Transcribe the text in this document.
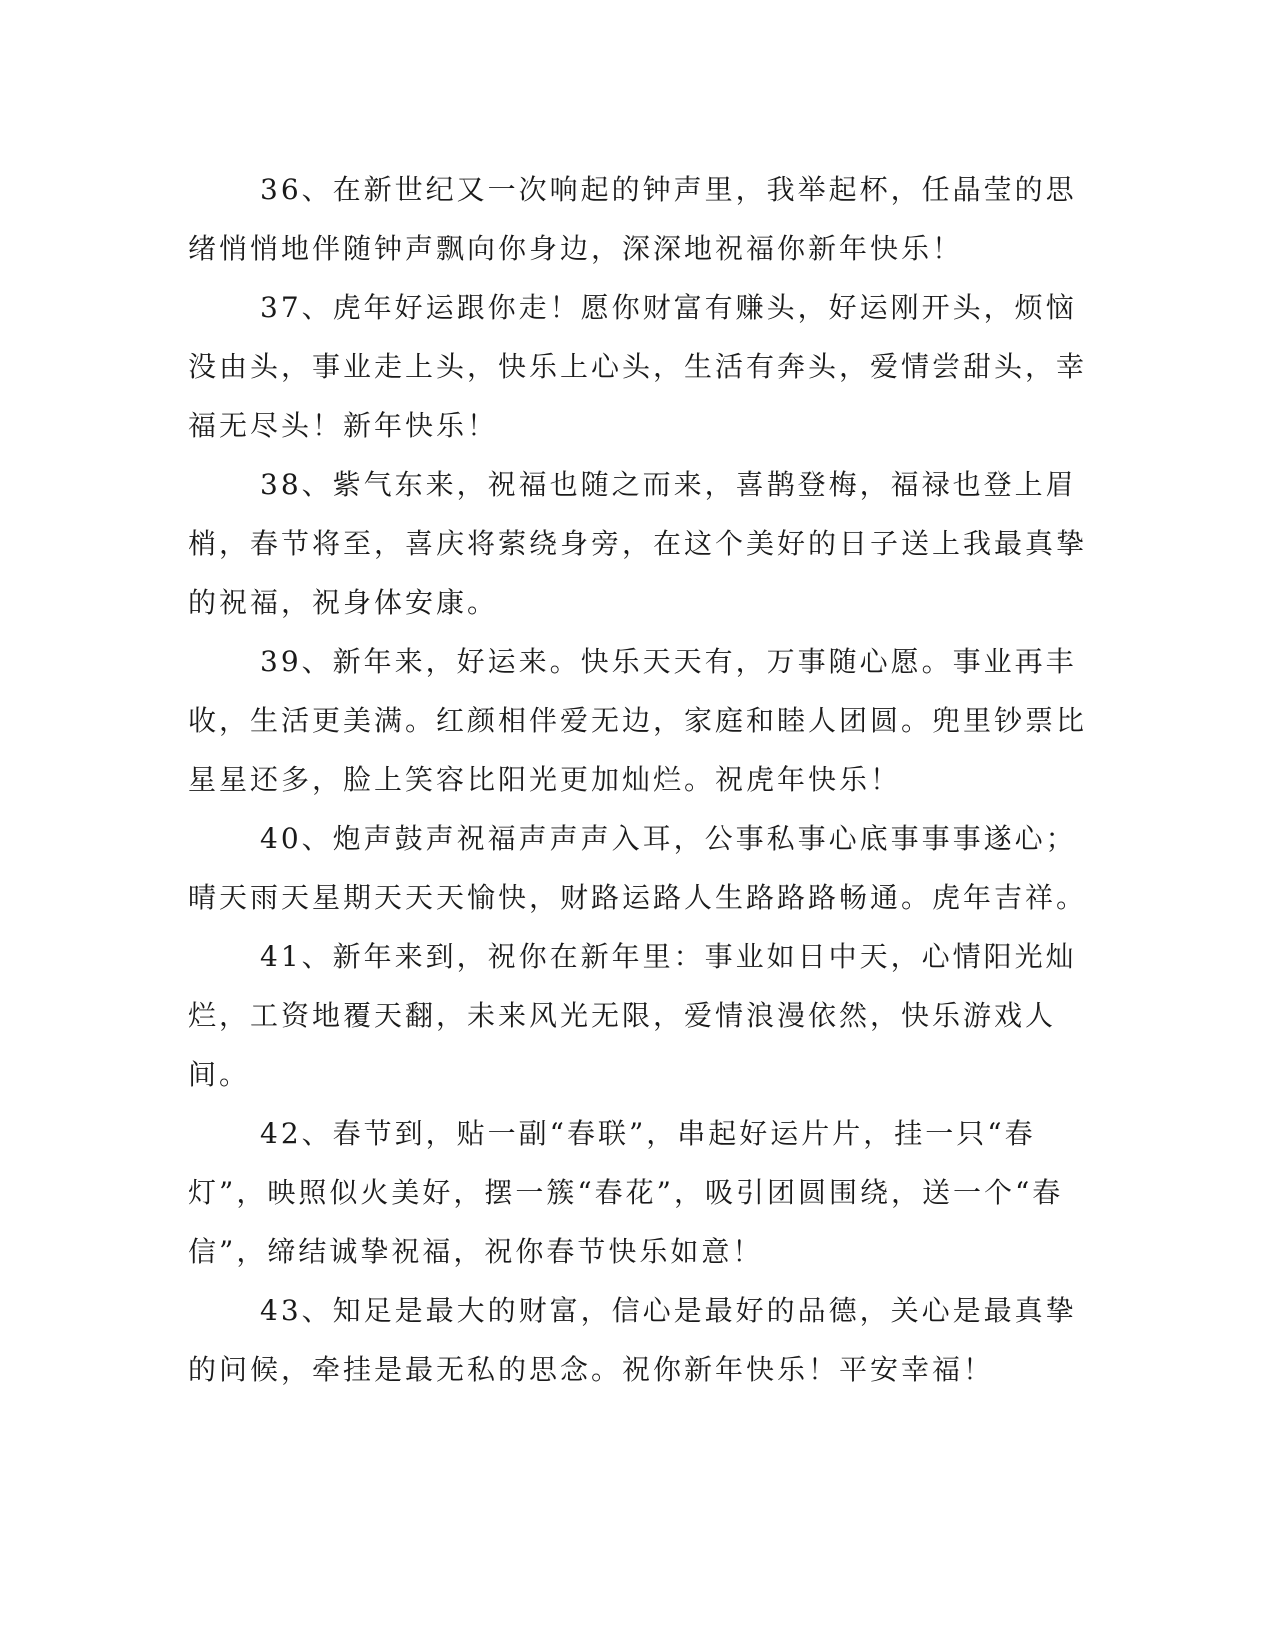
36、在新世纪又一次响起的钟声里，我举起杯，任晶莹的思绪悄悄地伴随钟声飘向你身边，深深地祝福你新年快乐！

37、虎年好运跟你走！愿你财富有赚头，好运刚开头，烦恼没由头，事业走上头，快乐上心头，生活有奔头，爱情尝甜头，幸福无尽头！新年快乐！

38、紫气东来，祝福也随之而来，喜鹊登梅，福禄也登上眉梢，春节将至，喜庆将萦绕身旁，在这个美好的日子送上我最真挚的祝福，祝身体安康。

39、新年来，好运来。快乐天天有，万事随心愿。事业再丰收，生活更美满。红颜相伴爱无边，家庭和睦人团圆。兜里钞票比星星还多，脸上笑容比阳光更加灿烂。祝虎年快乐！

40、炮声鼓声祝福声声声入耳，公事私事心底事事事遂心；晴天雨天星期天天天愉快，财路运路人生路路路畅通。虎年吉祥。

41、新年来到，祝你在新年里：事业如日中天，心情阳光灿烂，工资地覆天翻，未来风光无限，爱情浪漫依然，快乐游戏人间。

42、春节到，贴一副“春联”，串起好运片片，挂一只“春灯”，映照似火美好，摆一簇“春花”，吸引团圆围绕，送一个“春信”，缔结诚挚祝福，祝你春节快乐如意！

43、知足是最大的财富，信心是最好的品德，关心是最真挚的问候，牵挂是最无私的思念。祝你新年快乐！平安幸福！
